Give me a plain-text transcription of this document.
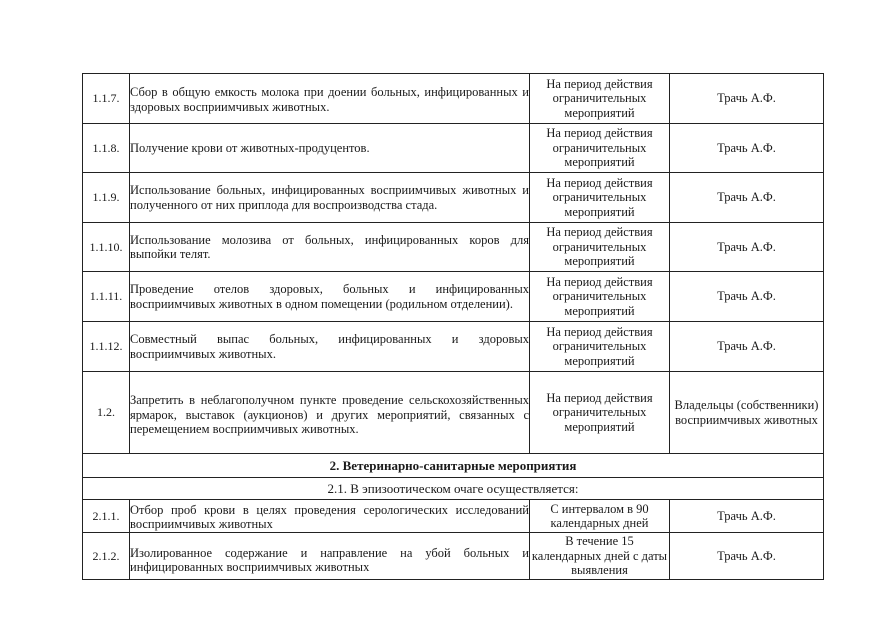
1.1.7.	Сбор в общую емкость молока при доении больных, инфицированных и здоровых восприимчивых животных.	На период действия ограничительных мероприятий	Трачь А.Ф.
1.1.8.	Получение крови от животных-продуцентов.	На период действия ограничительных мероприятий	Трачь А.Ф.
1.1.9.	Использование больных, инфицированных восприимчивых животных и полученного от них приплода для воспроизводства стада.	На период действия ограничительных мероприятий	Трачь А.Ф.
1.1.10.	Использование молозива от больных, инфицированных коров для выпойки телят.	На период действия ограничительных мероприятий	Трачь А.Ф.
1.1.11.	Проведение отелов здоровых, больных и инфицированных восприимчивых животных в одном помещении (родильном отделении).	На период действия ограничительных мероприятий	Трачь А.Ф.
1.1.12.	Совместный выпас больных, инфицированных и здоровых восприимчивых животных.	На период действия ограничительных мероприятий	Трачь А.Ф.
1.2.	Запретить в неблагополучном пункте проведение сельскохозяйственных ярмарок, выставок (аукционов) и других мероприятий, связанных с перемещением восприимчивых животных.	На период действия ограничительных мероприятий	Владельцы (собственники) восприимчивых животных
2. Ветеринарно-санитарные мероприятия			
2.1. В эпизоотическом очаге осуществляется:			
2.1.1.	Отбор проб крови в целях проведения серологических исследований восприимчивых животных	С интервалом в 90 календарных дней	Трачь А.Ф.
2.1.2.	Изолированное содержание и направление на убой больных и инфицированных восприимчивых животных	В течение 15 календарных дней с даты выявления	Трачь А.Ф.
